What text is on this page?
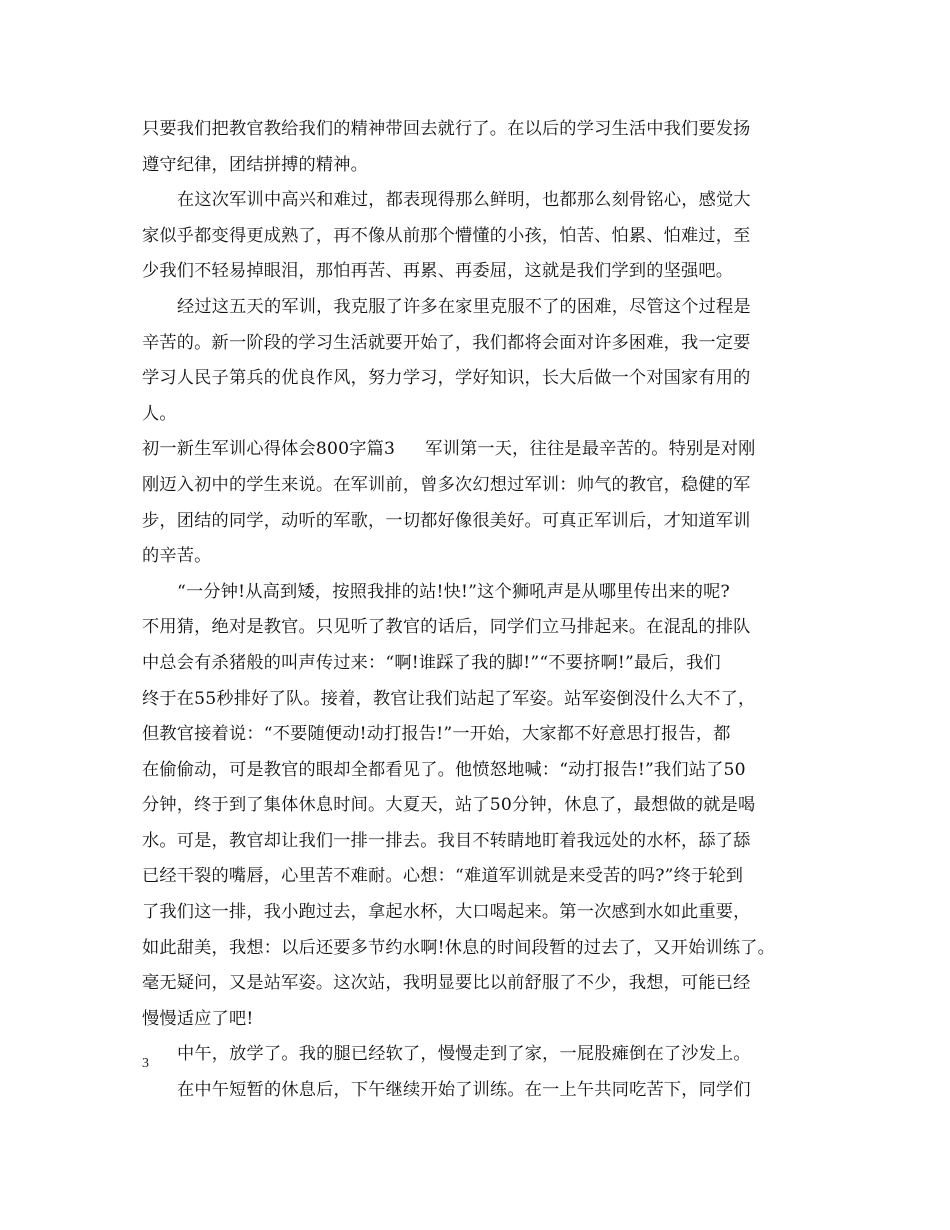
只要我们把教官教给我们的精神带回去就行了。在以后的学习生活中我们要发扬
遵守纪律，团结拼搏的精神。
在这次军训中高兴和难过，都表现得那么鲜明，也都那么刻骨铭心，感觉大
家似乎都变得更成熟了，再不像从前那个懵懂的小孩，怕苦、怕累、怕难过，至
少我们不轻易掉眼泪，那怕再苦、再累、再委屈，这就是我们学到的坚强吧。
经过这五天的军训，我克服了许多在家里克服不了的困难，尽管这个过程是
辛苦的。新一阶段的学习生活就要开始了，我们都将会面对许多困难，我一定要
学习人民子第兵的优良作风，努力学习，学好知识，长大后做一个对国家有用的
人。
初一新生军训心得体会800字篇3 军训第一天，往往是最辛苦的。特别是对刚
刚迈入初中的学生来说。在军训前，曾多次幻想过军训：帅气的教官，稳健的军
步，团结的同学，动听的军歌，一切都好像很美好。可真正军训后，才知道军训
的辛苦。
“一分钟!从高到矮，按照我排的站!快!”这个狮吼声是从哪里传出来的呢?
不用猜，绝对是教官。只见听了教官的话后，同学们立马排起来。在混乱的排队
中总会有杀猪般的叫声传过来：“啊!谁踩了我的脚!”“不要挤啊!”最后，我们
终于在55秒排好了队。接着，教官让我们站起了军姿。站军姿倒没什么大不了，
但教官接着说：“不要随便动!动打报告!”一开始，大家都不好意思打报告，都
在偷偷动，可是教官的眼却全都看见了。他愤怒地喊：“动打报告!”我们站了50
分钟，终于到了集体休息时间。大夏天，站了50分钟，休息了，最想做的就是喝
水。可是，教官却让我们一排一排去。我目不转睛地盯着我远处的水杯，舔了舔
已经干裂的嘴唇，心里苦不难耐。心想：“难道军训就是来受苦的吗?”终于轮到
了我们这一排，我小跑过去，拿起水杯，大口喝起来。第一次感到水如此重要，
如此甜美，我想：以后还要多节约水啊!休息的时间段暂的过去了，又开始训练了。
毫无疑问，又是站军姿。这次站，我明显要比以前舒服了不少，我想，可能已经
慢慢适应了吧!
中午，放学了。我的腿已经软了，慢慢走到了家，一屁股瘫倒在了沙发上。
在中午短暂的休息后，下午继续开始了训练。在一上午共同吃苦下，同学们
3
